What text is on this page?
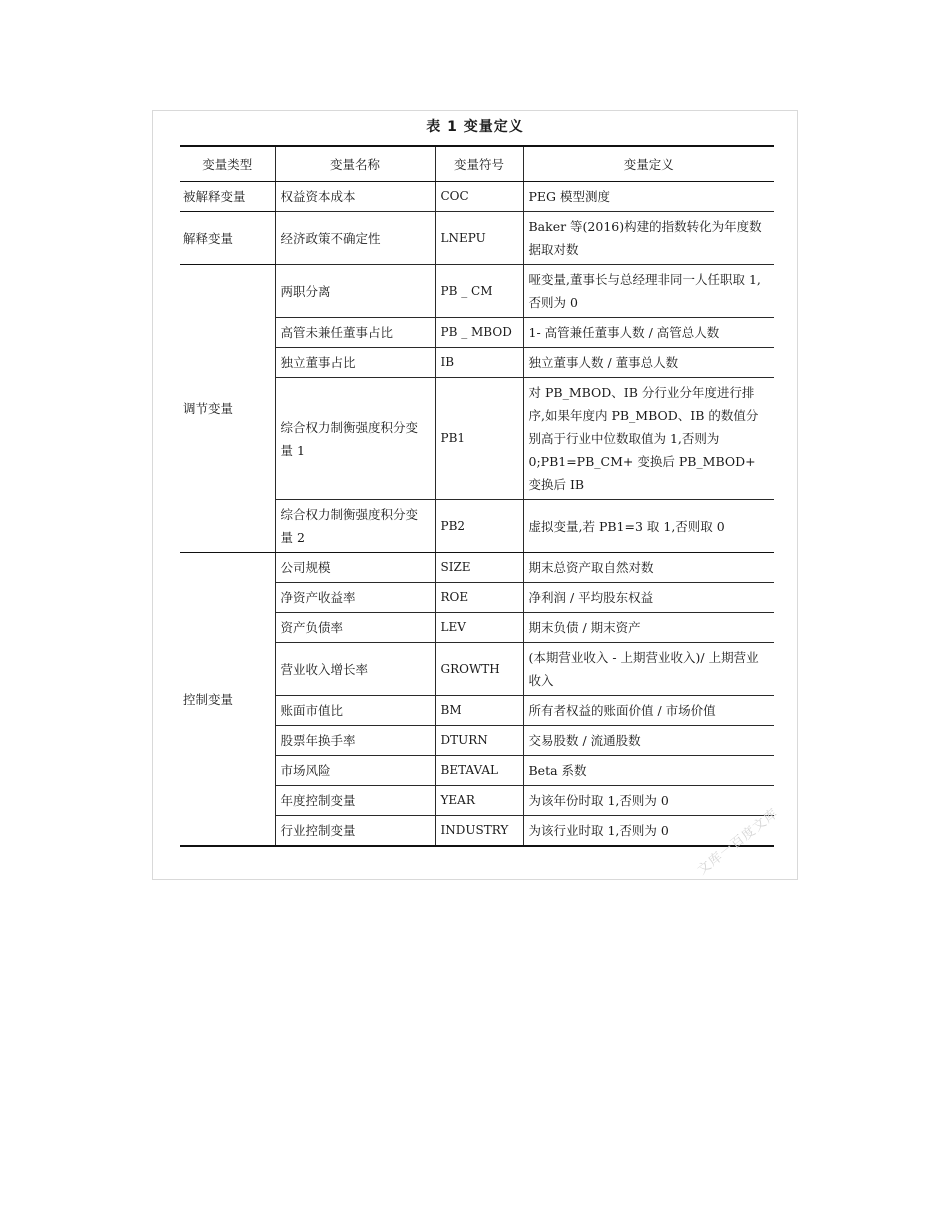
表 1 变量定义
变量类型	变量名称	变量符号	变量定义
被解释变量	权益资本成本	COC	PEG 模型测度
解释变量	经济政策不确定性	LNEPU	Baker 等(2016)构建的指数转化为年度数据取对数
调节变量	两职分离	PB _ CM	哑变量,董事长与总经理非同一人任职取 1,否则为 0
	高管未兼任董事占比	PB _ MBOD	1- 高管兼任董事人数 / 高管总人数
	独立董事占比	IB	独立董事人数 / 董事总人数
	综合权力制衡强度积分变量 1	PB1	对 PB_MBOD、IB 分行业分年度进行排序,如果年度内 PB_MBOD、IB 的数值分别高于行业中位数取值为 1,否则为 0;PB1=PB_CM+ 变换后 PB_MBOD+ 变换后 IB
	综合权力制衡强度积分变量 2	PB2	虚拟变量,若 PB1=3 取 1,否则取 0
控制变量	公司规模	SIZE	期末总资产取自然对数
	净资产收益率	ROE	净利润 / 平均股东权益
	资产负债率	LEV	期末负债 / 期末资产
	营业收入增长率	GROWTH	(本期营业收入 - 上期营业收入)/ 上期营业收入
	账面市值比	BM	所有者权益的账面价值 / 市场价值
	股票年换手率	DTURN	交易股数 / 流通股数
	市场风险	BETAVAL	Beta 系数
	年度控制变量	YEAR	为该年份时取 1,否则为 0
	行业控制变量	INDUSTRY	为该行业时取 1,否则为 0 文库一百度文库
